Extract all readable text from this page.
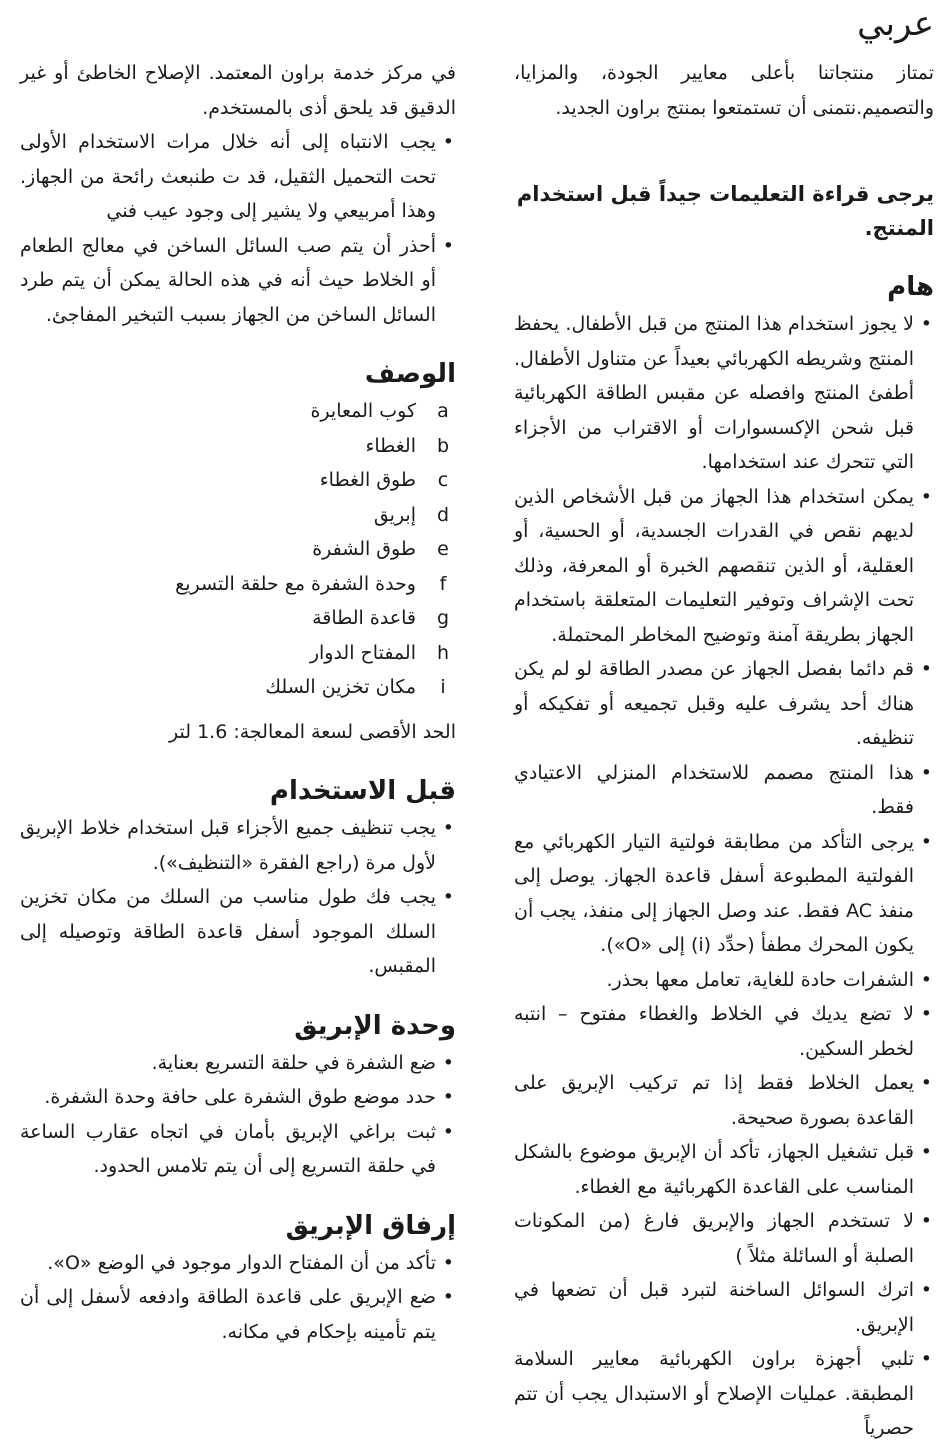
عربي

تمتاز منتجاتنا بأعلى معايير الجودة، والمزايا، والتصميم.نتمنى أن تستمتعوا بمنتج براون الجديد.

يرجى قراءة التعليمات جيداً قبل استخدام المنتج.
هام
• لا يجوز استخدام هذا المنتج من قبل الأطفال. يحفظ المنتج وشريطه الكهربائي بعيداً عن متناول الأطفال. أطفئ المنتج وافصله عن مقبس الطاقة الكهربائية قبل شحن الإكسسوارات أو الاقتراب من الأجزاء التي تتحرك عند استخدامها.
• يمكن استخدام هذا الجهاز من قبل الأشخاص الذين لديهم نقص في القدرات الجسدية، أو الحسية، أو العقلية، أو الذين تنقصهم الخبرة أو المعرفة، وذلك تحت الإشراف وتوفير التعليمات المتعلقة باستخدام الجهاز بطريقة آمنة وتوضيح المخاطر المحتملة.
• قم دائما بفصل الجهاز عن مصدر الطاقة لو لم يكن هناك أحد يشرف عليه وقبل تجميعه أو تفكيكه أو تنظيفه.
• هذا المنتج مصمم للاستخدام المنزلي الاعتيادي فقط.
• يرجى التأكد من مطابقة فولتية التيار الكهربائي مع الفولتية المطبوعة أسفل قاعدة الجهاز. يوصل إلى منفذ AC فقط. عند وصل الجهاز إلى منفذ، يجب أن يكون المحرك مطفأ (حدِّد (i) إلى «O»).
• الشفرات حادة للغاية، تعامل معها بحذر.
• لا تضع يديك في الخلاط والغطاء مفتوح – انتبه لخطر السكين.
• يعمل الخلاط فقط إذا تم تركيب الإبريق على القاعدة بصورة صحيحة.
• قبل تشغيل الجهاز، تأكد أن الإبريق موضوع بالشكل المناسب على القاعدة الكهربائية مع الغطاء.
• لا تستخدم الجهاز والإبريق فارغ (من المكونات الصلبة أو السائلة مثلاً )
• اترك السوائل الساخنة لتبرد قبل أن تضعها في الإبريق.
• تلبي أجهزة براون الكهربائية معايير السلامة المطبقة. عمليات الإصلاح أو الاستبدال يجب أن تتم حصرياً

في مركز خدمة براون المعتمد. الإصلاح الخاطئ أو غير الدقيق قد يلحق أذى بالمستخدم.

• يجب الانتباه إلى أنه خلال مرات الاستخدام الأولى تحت التحميل الثقيل، قد ت طنبعث رائحة من الجهاز. وهذا أمربيعي ولا يشير إلى وجود عيب فني
• أحذر أن يتم صب السائل الساخن في معالج الطعام أو الخلاط حيث أنه في هذه الحالة يمكن أن يتم طرد السائل الساخن من الجهاز بسبب التبخير المفاجئ.
الوصف
a
كوب المعايرة
b
الغطاء
c
طوق الغطاء
d
إبريق
e
طوق الشفرة
f
وحدة الشفرة مع حلقة التسريع
g
قاعدة الطاقة
h
المفتاح الدوار
i
مكان تخزين السلك

الحد الأقصى لسعة المعالجة: 1.6 لتر

قبل الاستخدام
• يجب تنظيف جميع الأجزاء قبل استخدام خلاط الإبريق لأول مرة (راجع الفقرة «التنظيف»).
• يجب فك طول مناسب من السلك من مكان تخزين السلك الموجود أسفل قاعدة الطاقة وتوصيله إلى المقبس.
وحدة الإبريق
• ضع الشفرة في حلقة التسريع بعناية.
• حدد موضع طوق الشفرة على حافة وحدة الشفرة.
• ثبت براغي الإبريق بأمان في اتجاه عقارب الساعة في حلقة التسريع إلى أن يتم تلامس الحدود.
إرفاق الإبريق
• تأكد من أن المفتاح الدوار موجود في الوضع «O».
• ضع الإبريق على قاعدة الطاقة وادفعه لأسفل إلى أن يتم تأمينه بإحكام في مكانه.
